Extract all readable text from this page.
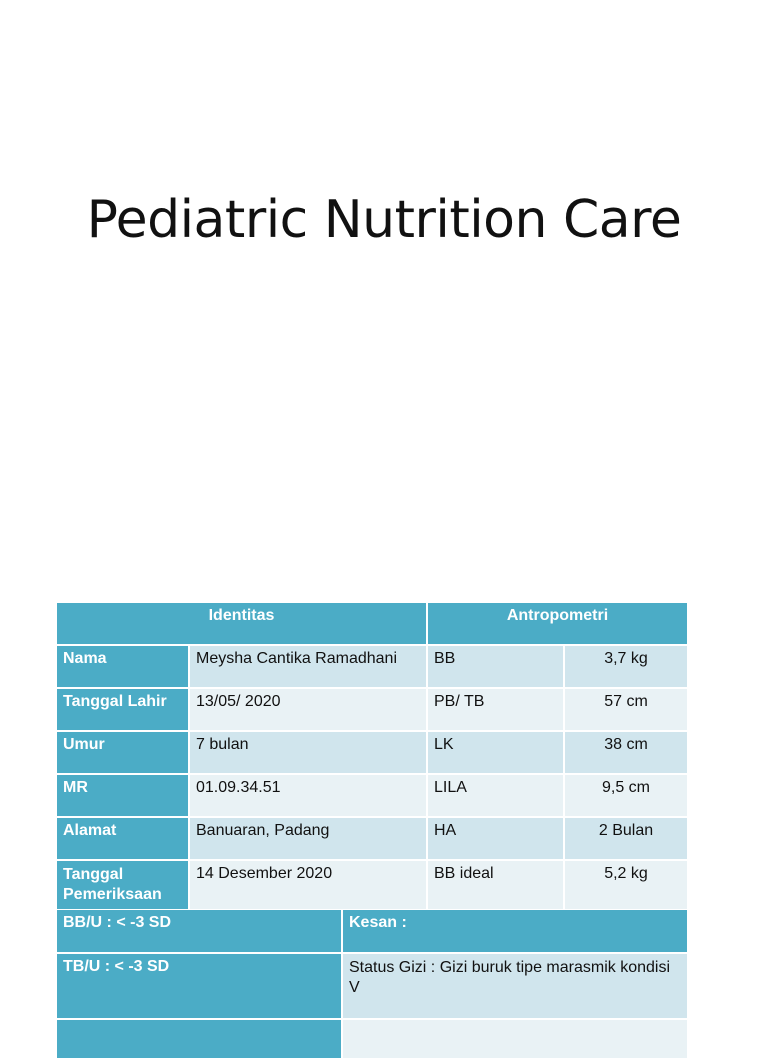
Pediatric Nutrition Care
Identitas		Antropometri	
Nama	Meysha Cantika Ramadhani	BB	3,7 kg
Tanggal Lahir	13/05/ 2020	PB/ TB	57 cm
Umur	7 bulan	LK	38 cm
MR	01.09.34.51	LILA	9,5 cm
Alamat	Banuaran, Padang	HA	2 Bulan
Tanggal Pemeriksaan	14 Desember 2020	BB ideal	5,2 kg
BB/U : < -3 SD	Kesan :
TB/U : < -3 SD	Status Gizi : Gizi buruk tipe marasmik kondisi V
